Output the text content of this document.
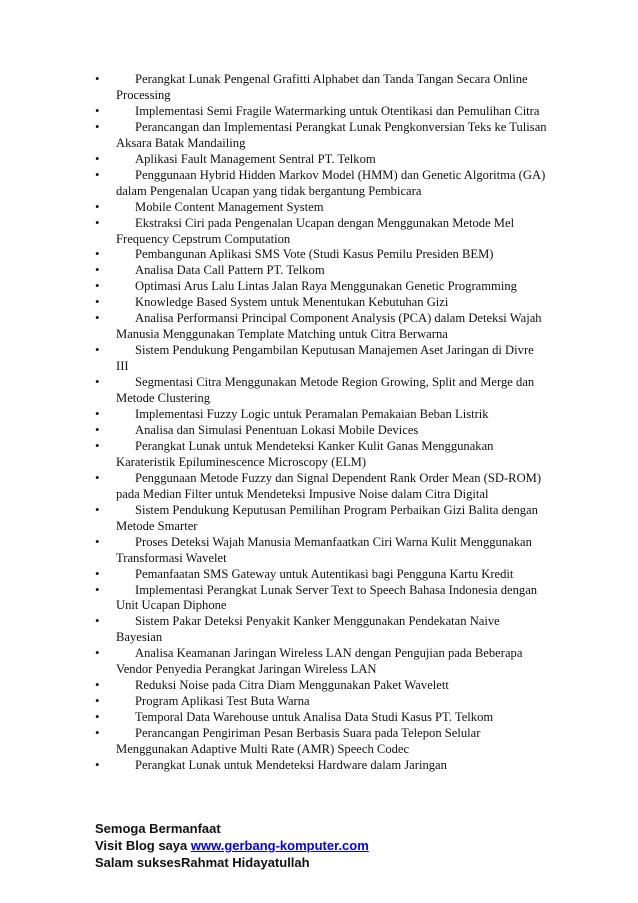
•	Perangkat Lunak Pengenal Grafitti Alphabet dan Tanda Tangan Secara Online Processing
•	Implementasi Semi Fragile Watermarking untuk Otentikasi dan Pemulihan Citra
•	Perancangan dan Implementasi Perangkat Lunak Pengkonversian Teks ke Tulisan Aksara Batak Mandailing
•	Aplikasi Fault Management Sentral PT. Telkom
•	Penggunaan Hybrid Hidden Markov Model (HMM) dan Genetic Algoritma (GA) dalam Pengenalan Ucapan yang tidak bergantung Pembicara
•	Mobile Content Management System
•	Ekstraksi Ciri pada Pengenalan Ucapan dengan Menggunakan Metode Mel Frequency Cepstrum Computation
•	Pembangunan Aplikasi SMS Vote (Studi Kasus Pemilu Presiden BEM)
•	Analisa Data Call Pattern PT. Telkom
•	Optimasi Arus Lalu Lintas Jalan Raya Menggunakan Genetic Programming
•	Knowledge Based System untuk Menentukan Kebutuhan Gizi
•	Analisa Performansi Principal Component Analysis (PCA) dalam Deteksi Wajah Manusia Menggunakan Template Matching untuk Citra Berwarna
•	Sistem Pendukung Pengambilan Keputusan Manajemen Aset Jaringan di Divre III
•	Segmentasi Citra Menggunakan Metode Region Growing, Split and Merge dan Metode Clustering
•	Implementasi Fuzzy Logic untuk Peramalan Pemakaian Beban Listrik
•	Analisa dan Simulasi Penentuan Lokasi Mobile Devices
•	Perangkat Lunak untuk Mendeteksi Kanker Kulit Ganas Menggunakan Karateristik Epiluminescence Microscopy (ELM)
•	Penggunaan Metode Fuzzy dan Signal Dependent Rank Order Mean (SD-ROM) pada Median Filter untuk Mendeteksi Impusive Noise dalam Citra Digital
•	Sistem Pendukung Keputusan Pemilihan Program Perbaikan Gizi Balita dengan Metode Smarter
•	Proses Deteksi Wajah Manusia Memanfaatkan Ciri Warna Kulit Menggunakan Transformasi Wavelet
•	Pemanfaatan SMS Gateway untuk Autentikasi bagi Pengguna Kartu Kredit
•	Implementasi Perangkat Lunak Server Text to Speech Bahasa Indonesia dengan Unit Ucapan Diphone
•	Sistem Pakar Deteksi Penyakit Kanker Menggunakan Pendekatan Naive Bayesian
•	Analisa Keamanan Jaringan Wireless LAN dengan Pengujian pada Beberapa Vendor Penyedia Perangkat Jaringan Wireless LAN
•	Reduksi Noise pada Citra Diam Menggunakan Paket Wavelett
•	Program Aplikasi Test Buta Warna
•	Temporal Data Warehouse untuk Analisa Data Studi Kasus PT. Telkom
•	Perancangan Pengiriman Pesan Berbasis Suara pada Telepon Selular Menggunakan Adaptive Multi Rate (AMR) Speech Codec
•	Perangkat Lunak untuk Mendeteksi Hardware dalam Jaringan
Semoga Bermanfaat
Visit Blog saya www.gerbang-komputer.com
Salam suksesRahmat Hidayatullah
